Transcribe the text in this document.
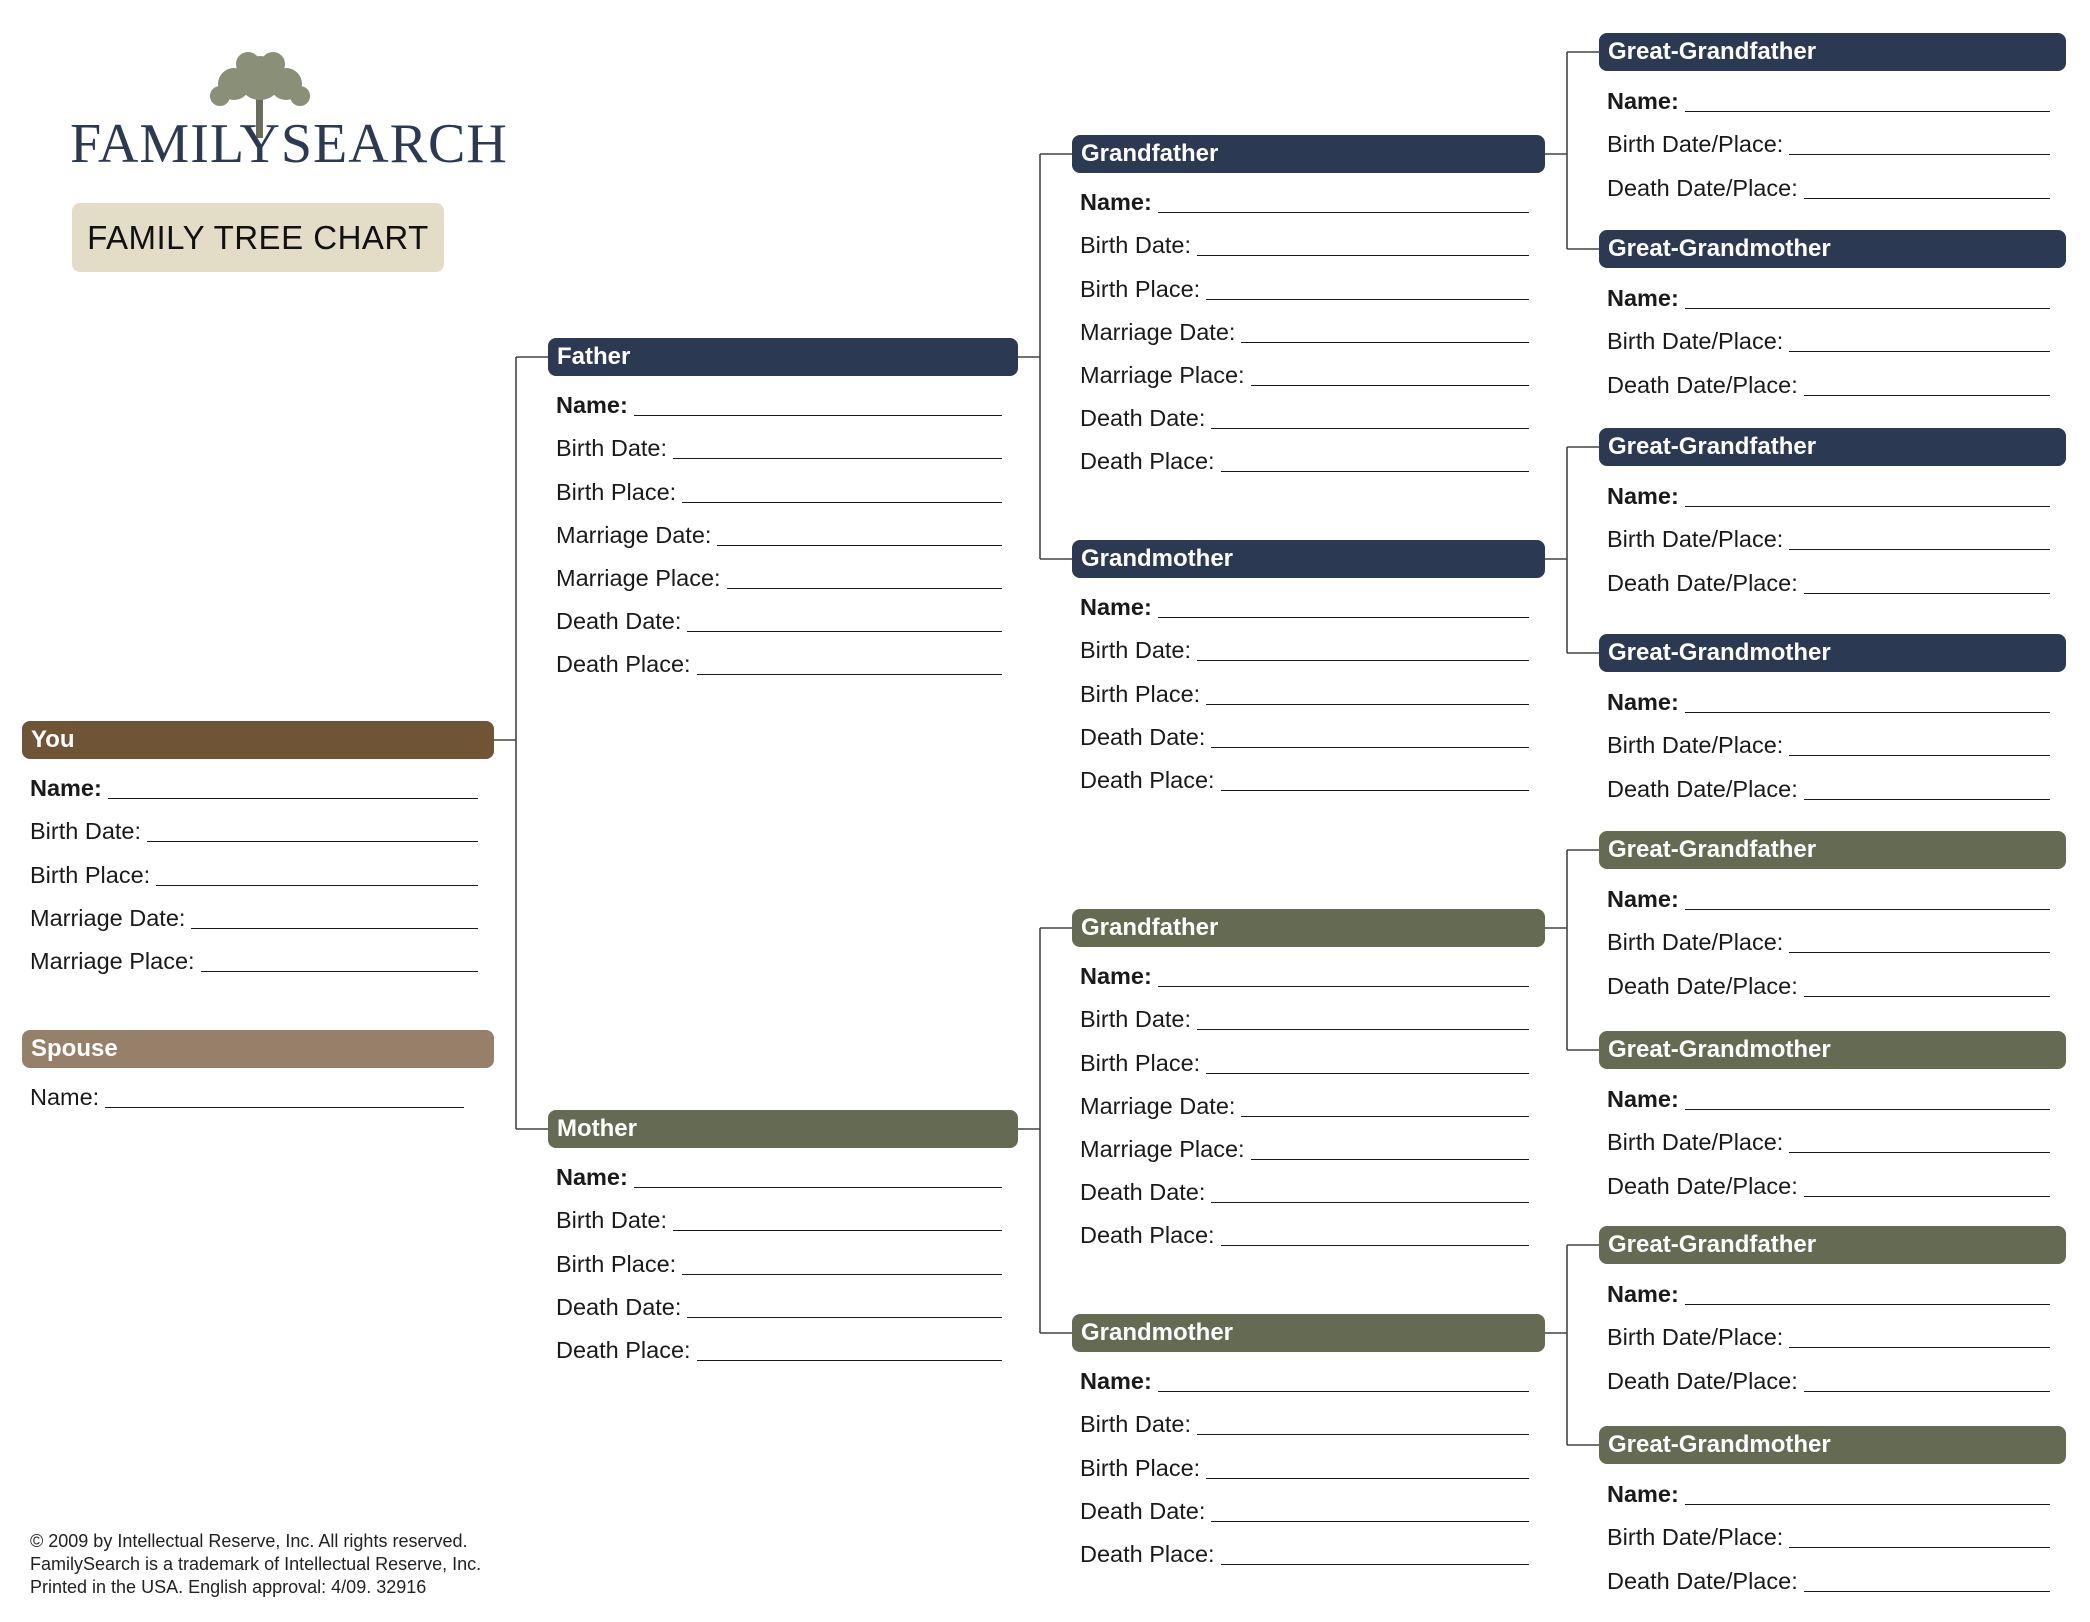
FAMILYSEARCH
FAMILY TREE CHART
You
Name:
Birth Date:
Birth Place:
Marriage Date:
Marriage Place:
Spouse
Name:
Father
Name:
Birth Date:
Birth Place:
Marriage Date:
Marriage Place:
Death Date:
Death Place:
Mother
Name:
Birth Date:
Birth Place:
Death Date:
Death Place:
Grandfather
Name:
Birth Date:
Birth Place:
Marriage Date:
Marriage Place:
Death Date:
Death Place:
Grandmother
Name:
Birth Date:
Birth Place:
Death Date:
Death Place:
Grandfather
Name:
Birth Date:
Birth Place:
Marriage Date:
Marriage Place:
Death Date:
Death Place:
Grandmother
Name:
Birth Date:
Birth Place:
Death Date:
Death Place:
Great-Grandfather
Name:
Birth Date/Place:
Death Date/Place:
Great-Grandmother
Name:
Birth Date/Place:
Death Date/Place:
Great-Grandfather
Name:
Birth Date/Place:
Death Date/Place:
Great-Grandmother
Name:
Birth Date/Place:
Death Date/Place:
Great-Grandfather
Name:
Birth Date/Place:
Death Date/Place:
Great-Grandmother
Name:
Birth Date/Place:
Death Date/Place:
Great-Grandfather
Name:
Birth Date/Place:
Death Date/Place:
Great-Grandmother
Name:
Birth Date/Place:
Death Date/Place:
© 2009 by Intellectual Reserve, Inc. All rights reserved.
FamilySearch is a trademark of Intellectual Reserve, Inc.
Printed in the USA. English approval: 4/09. 32916
